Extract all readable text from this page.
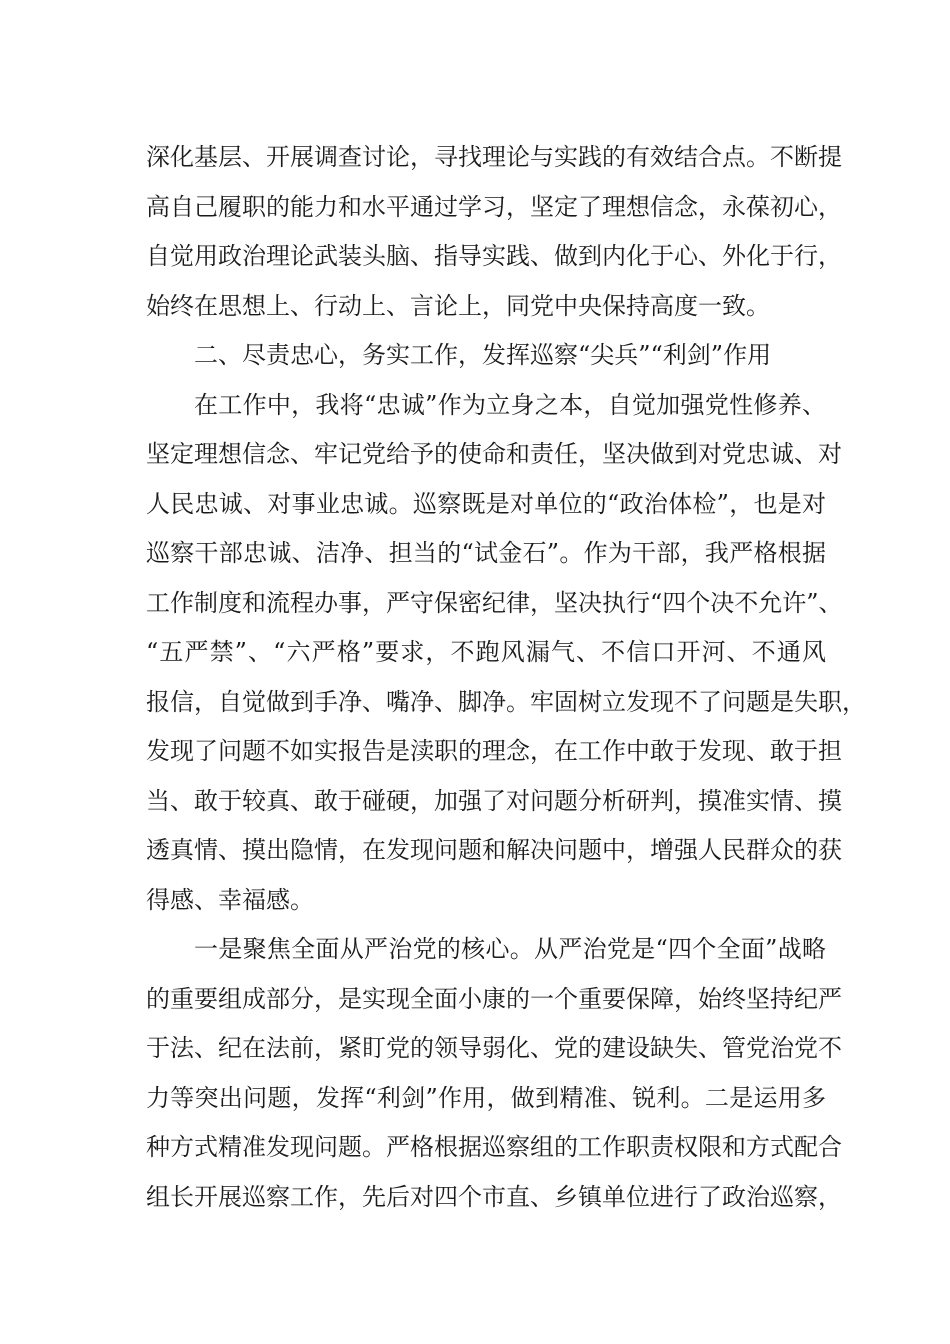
深化基层、开展调查讨论，寻找理论与实践的有效结合点。不断提
高自己履职的能力和水平通过学习，坚定了理想信念，永葆初心，
自觉用政治理论武装头脑、指导实践、做到内化于心、外化于行，
始终在思想上、行动上、言论上，同党中央保持高度一致。
二、尽责忠心，务实工作，发挥巡察“尖兵”“利剑”作用
在工作中，我将“忠诚”作为立身之本，自觉加强党性修养、
坚定理想信念、牢记党给予的使命和责任，坚决做到对党忠诚、对
人民忠诚、对事业忠诚。巡察既是对单位的“政治体检”，也是对
巡察干部忠诚、洁净、担当的“试金石”。作为干部，我严格根据
工作制度和流程办事，严守保密纪律，坚决执行“四个决不允许”、
“五严禁”、“六严格”要求，不跑风漏气、不信口开河、不通风
报信，自觉做到手净、嘴净、脚净。牢固树立发现不了问题是失职，
发现了问题不如实报告是渎职的理念，在工作中敢于发现、敢于担
当、敢于较真、敢于碰硬，加强了对问题分析研判，摸准实情、摸
透真情、摸出隐情，在发现问题和解决问题中，增强人民群众的获
得感、幸福感。
一是聚焦全面从严治党的核心。从严治党是“四个全面”战略
的重要组成部分，是实现全面小康的一个重要保障，始终坚持纪严
于法、纪在法前，紧盯党的领导弱化、党的建设缺失、管党治党不
力等突出问题，发挥“利剑”作用，做到精准、锐利。二是运用多
种方式精准发现问题。严格根据巡察组的工作职责权限和方式配合
组长开展巡察工作，先后对四个市直、乡镇单位进行了政治巡察，
